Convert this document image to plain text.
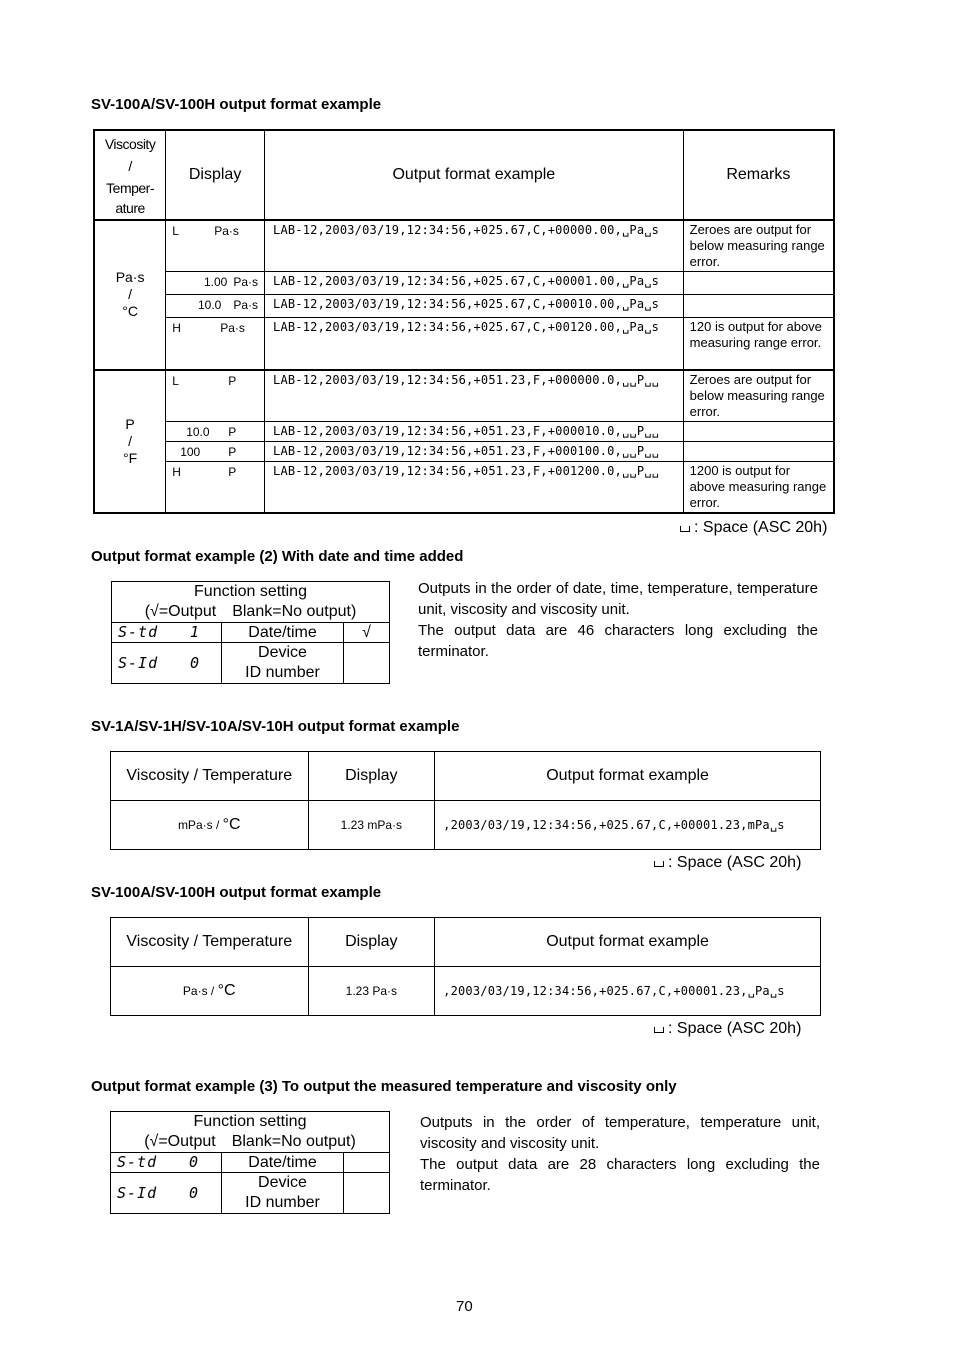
SV-100A/SV-100H output format example
Viscosity
/
Temper-
ature	Display	Output format example	Remarks

Pa·s
/
°C	L Pa·s	LAB-12,2003/03/19,12:34:56,+025.67,C,+00000.00,␣Pa␣s	Zeroes are output for below measuring range error.
	1.00 Pa·s	LAB-12,2003/03/19,12:34:56,+025.67,C,+00001.00,␣Pa␣s	
	10.0 Pa·s	LAB-12,2003/03/19,12:34:56,+025.67,C,+00010.00,␣Pa␣s	
	H Pa·s	LAB-12,2003/03/19,12:34:56,+025.67,C,+00120.00,␣Pa␣s	120 is output for above measuring range error.

P
/
°F	L P	LAB-12,2003/03/19,12:34:56,+051.23,F,+000000.0,␣␣P␣␣	Zeroes are output for below measuring range error.
	10.0 P	LAB-12,2003/03/19,12:34:56,+051.23,F,+000010.0,␣␣P␣␣	
	100 P	LAB-12,2003/03/19,12:34:56,+051.23,F,+000100.0,␣␣P␣␣	
	H P	LAB-12,2003/03/19,12:34:56,+051.23,F,+001200.0,␣␣P␣␣	1200 is output for above measuring range error.
: Space (ASC 20h)
Output format example (2) With date and time added
Function setting
(√=Output Blank=No output)		

S-td 1	Date/time	√
S-Id 0	Device
ID number	

Outputs in the order of date, time, temperature, temperature unit, viscosity and viscosity unit.
The output data are 46 characters long excluding the terminator.
SV-1A/SV-1H/SV-10A/SV-10H output format example
Viscosity / Temperature	Display	Output format example
mPa·s / °C	1.23 mPa·s	,2003/03/19,12:34:56,+025.67,C,+00001.23,mPa␣s
: Space (ASC 20h)
SV-100A/SV-100H output format example
Viscosity / Temperature	Display	Output format example
Pa·s / °C	1.23 Pa·s	,2003/03/19,12:34:56,+025.67,C,+00001.23,␣Pa␣s
: Space (ASC 20h)
Output format example (3) To output the measured temperature and viscosity only
Function setting
(√=Output Blank=No output)		

S-td 0	Date/time	
S-Id 0	Device
ID number	

Outputs in the order of temperature, temperature unit, viscosity and viscosity unit.
The output data are 28 characters long excluding the terminator.
70
